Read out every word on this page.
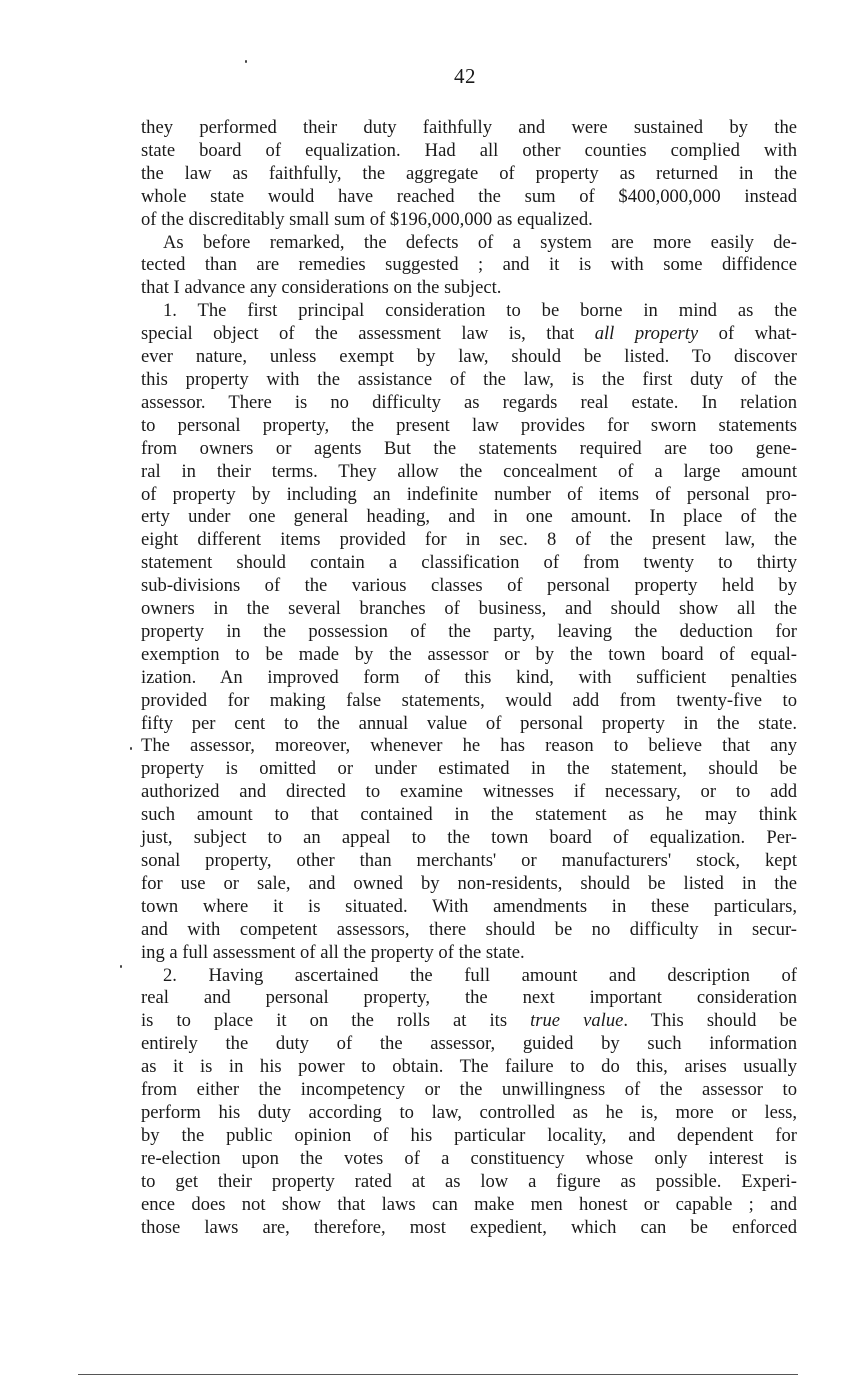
42
they performed their duty faithfully and were sustained by the
state board of equalization. Had all other counties complied with
the law as faithfully, the aggregate of property as returned in the
whole state would have reached the sum of $400,000,000 instead
of the discreditably small sum of $196,000,000 as equalized.
As before remarked, the defects of a system are more easily de-
tected than are remedies suggested ; and it is with some diffidence
that I advance any considerations on the subject.
1. The first principal consideration to be borne in mind as the
special object of the assessment law is, that all property of what-
ever nature, unless exempt by law, should be listed. To discover
this property with the assistance of the law, is the first duty of the
assessor. There is no difficulty as regards real estate. In relation
to personal property, the present law provides for sworn statements
from owners or agents But the statements required are too gene-
ral in their terms. They allow the concealment of a large amount
of property by including an indefinite number of items of personal pro-
erty under one general heading, and in one amount. In place of the
eight different items provided for in sec. 8 of the present law, the
statement should contain a classification of from twenty to thirty
sub-divisions of the various classes of personal property held by
owners in the several branches of business, and should show all the
property in the possession of the party, leaving the deduction for
exemption to be made by the assessor or by the town board of equal-
ization. An improved form of this kind, with sufficient penalties
provided for making false statements, would add from twenty-five to
fifty per cent to the annual value of personal property in the state.
The assessor, moreover, whenever he has reason to believe that any
property is omitted or under estimated in the statement, should be
authorized and directed to examine witnesses if necessary, or to add
such amount to that contained in the statement as he may think
just, subject to an appeal to the town board of equalization. Per-
sonal property, other than merchants' or manufacturers' stock, kept
for use or sale, and owned by non-residents, should be listed in the
town where it is situated. With amendments in these particulars,
and with competent assessors, there should be no difficulty in secur-
ing a full assessment of all the property of the state.
2. Having ascertained the full amount and description of
real and personal property, the next important consideration
is to place it on the rolls at its true value. This should be
entirely the duty of the assessor, guided by such information
as it is in his power to obtain. The failure to do this, arises usually
from either the incompetency or the unwillingness of the assessor to
perform his duty according to law, controlled as he is, more or less,
by the public opinion of his particular locality, and dependent for
re-election upon the votes of a constituency whose only interest is
to get their property rated at as low a figure as possible. Experi-
ence does not show that laws can make men honest or capable ; and
those laws are, therefore, most expedient, which can be enforced
